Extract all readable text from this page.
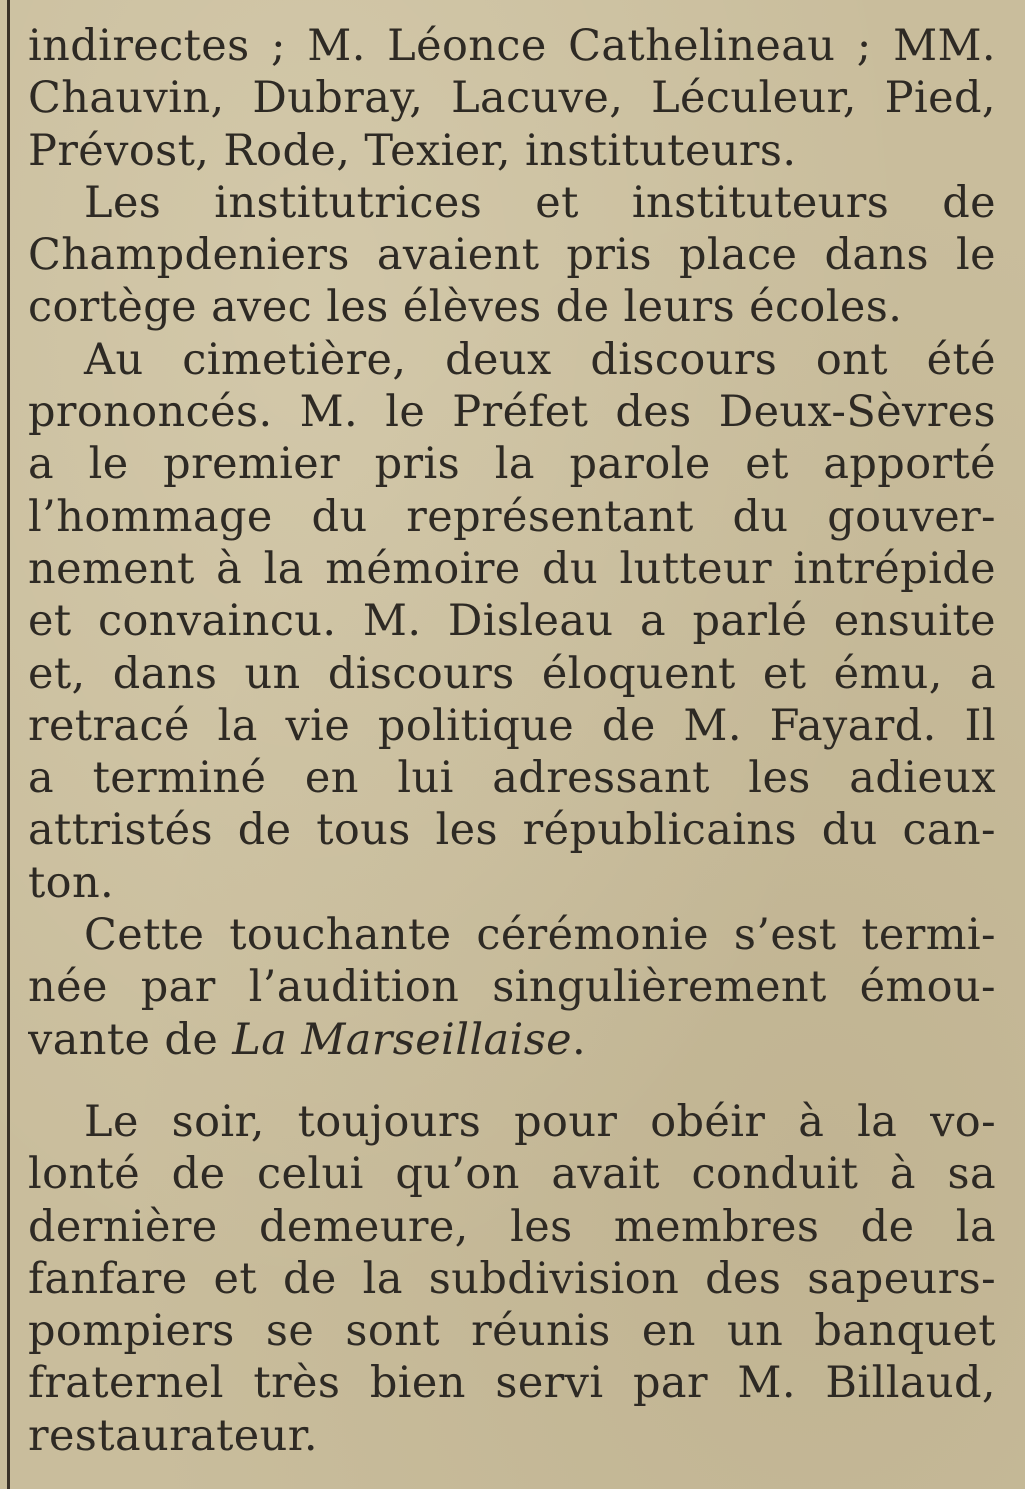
indirectes ; M. Léonce Cathelineau ; MM.
Chauvin, Dubray, Lacuve, Léculeur, Pied,
Prévost, Rode, Texier, instituteurs.

Les institutrices et instituteurs de
Champdeniers avaient pris place dans le
cortège avec les élèves de leurs écoles.

Au cimetière, deux discours ont été
prononcés. M. le Préfet des Deux-Sèvres
a le premier pris la parole et apporté
l’hommage du représentant du gouver-
nement à la mémoire du lutteur intrépide
et convaincu. M. Disleau a parlé ensuite
et, dans un discours éloquent et ému, a
retracé la vie politique de M. Fayard. Il
a terminé en lui adressant les adieux
attristés de tous les républicains du can-
ton.

Cette touchante cérémonie s’est termi-
née par l’audition singulièrement émou-
vante de La Marseillaise.

Le soir, toujours pour obéir à la vo-
lonté de celui qu’on avait conduit à sa
dernière demeure, les membres de la
fanfare et de la subdivision des sapeurs-
pompiers se sont réunis en un banquet
fraternel très bien servi par M. Billaud,
restaurateur.
